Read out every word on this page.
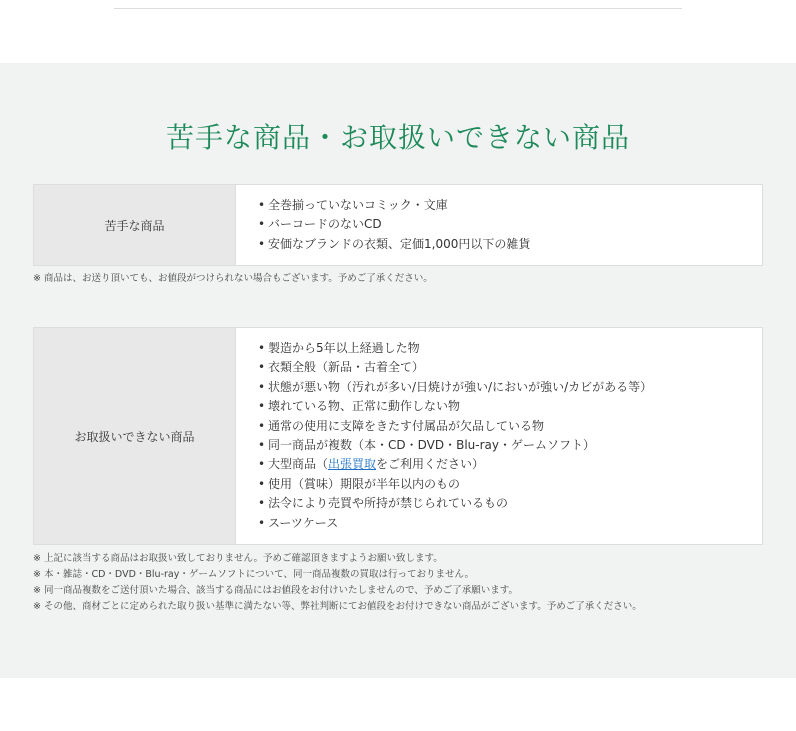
苦手な商品・お取扱いできない商品
苦手な商品
• 全巻揃っていないコミック・文庫
• バーコードのないCD
• 安価なブランドの衣類、定価1,000円以下の雑貨

※ 商品は、お送り頂いても、お値段がつけられない場合もございます。予めご了承ください。

お取扱いできない商品
• 製造から5年以上経過した物
• 衣類全般（新品・古着全て）
• 状態が悪い物（汚れが多い/日焼けが強い/においが強い/カビがある等）
• 壊れている物、正常に動作しない物
• 通常の使用に支障をきたす付属品が欠品している物
• 同一商品が複数（本・CD・DVD・Blu-ray・ゲームソフト）
• 大型商品（出張買取をご利用ください）
• 使用（賞味）期限が半年以内のもの
• 法令により売買や所持が禁じられているもの
• スーツケース

※ 上記に該当する商品はお取扱い致しておりません。予めご確認頂きますようお願い致します。

※ 本・雑誌・CD・DVD・Blu-ray・ゲームソフトについて、同一商品複数の買取は行っておりません。

※ 同一商品複数をご送付頂いた場合、該当する商品にはお値段をお付けいたしませんので、予めご了承願います。

※ その他、商材ごとに定められた取り扱い基準に満たない等、弊社判断にてお値段をお付けできない商品がございます。予めご了承ください。
